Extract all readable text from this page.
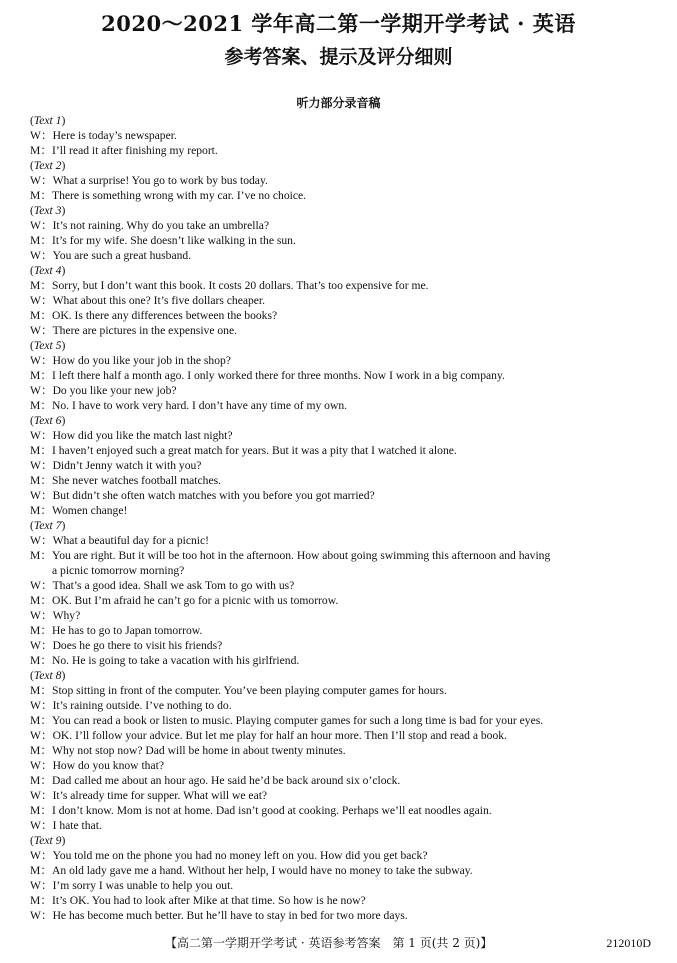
2020～2021 学年高二第一学期开学考试 · 英语
参考答案、提示及评分细则
听力部分录音稿
(Text 1)
W： Here is today’s newspaper.
M： I’ll read it after finishing my report.
(Text 2)
W： What a surprise! You go to work by bus today.
M： There is something wrong with my car. I’ve no choice.
(Text 3)
W： It’s not raining. Why do you take an umbrella?
M： It’s for my wife. She doesn’t like walking in the sun.
W： You are such a great husband.
(Text 4)
M： Sorry, but I don’t want this book. It costs 20 dollars. That’s too expensive for me.
W： What about this one? It’s five dollars cheaper.
M： OK. Is there any differences between the books?
W： There are pictures in the expensive one.
(Text 5)
W： How do you like your job in the shop?
M： I left there half a month ago. I only worked there for three months. Now I work in a big company.
W： Do you like your new job?
M： No. I have to work very hard. I don’t have any time of my own.
(Text 6)
W： How did you like the match last night?
M： I haven’t enjoyed such a great match for years. But it was a pity that I watched it alone.
W： Didn’t Jenny watch it with you?
M： She never watches football matches.
W： But didn’t she often watch matches with you before you got married?
M： Women change!
(Text 7)
W： What a beautiful day for a picnic!
M： You are right. But it will be too hot in the afternoon. How about going swimming this afternoon and having
a picnic tomorrow morning?
W： That’s a good idea. Shall we ask Tom to go with us?
M： OK. But I’m afraid he can’t go for a picnic with us tomorrow.
W： Why?
M： He has to go to Japan tomorrow.
W： Does he go there to visit his friends?
M： No. He is going to take a vacation with his girlfriend.
(Text 8)
M： Stop sitting in front of the computer. You’ve been playing computer games for hours.
W： It’s raining outside. I’ve nothing to do.
M： You can read a book or listen to music. Playing computer games for such a long time is bad for your eyes.
W： OK. I’ll follow your advice. But let me play for half an hour more. Then I’ll stop and read a book.
M： Why not stop now? Dad will be home in about twenty minutes.
W： How do you know that?
M： Dad called me about an hour ago. He said he’d be back around six o’clock.
W： It’s already time for supper. What will we eat?
M： I don’t know. Mom is not at home. Dad isn’t good at cooking. Perhaps we’ll eat noodles again.
W： I hate that.
(Text 9)
W： You told me on the phone you had no money left on you. How did you get back?
M： An old lady gave me a hand. Without her help, I would have no money to take the subway.
W： I’m sorry I was unable to help you out.
M： It’s OK. You had to look after Mike at that time. So how is he now?
W： He has become much better. But he’ll have to stay in bed for two more days.
【高二第一学期开学考试 · 英语参考答案　第 1 页(共 2 页)】	212010D
